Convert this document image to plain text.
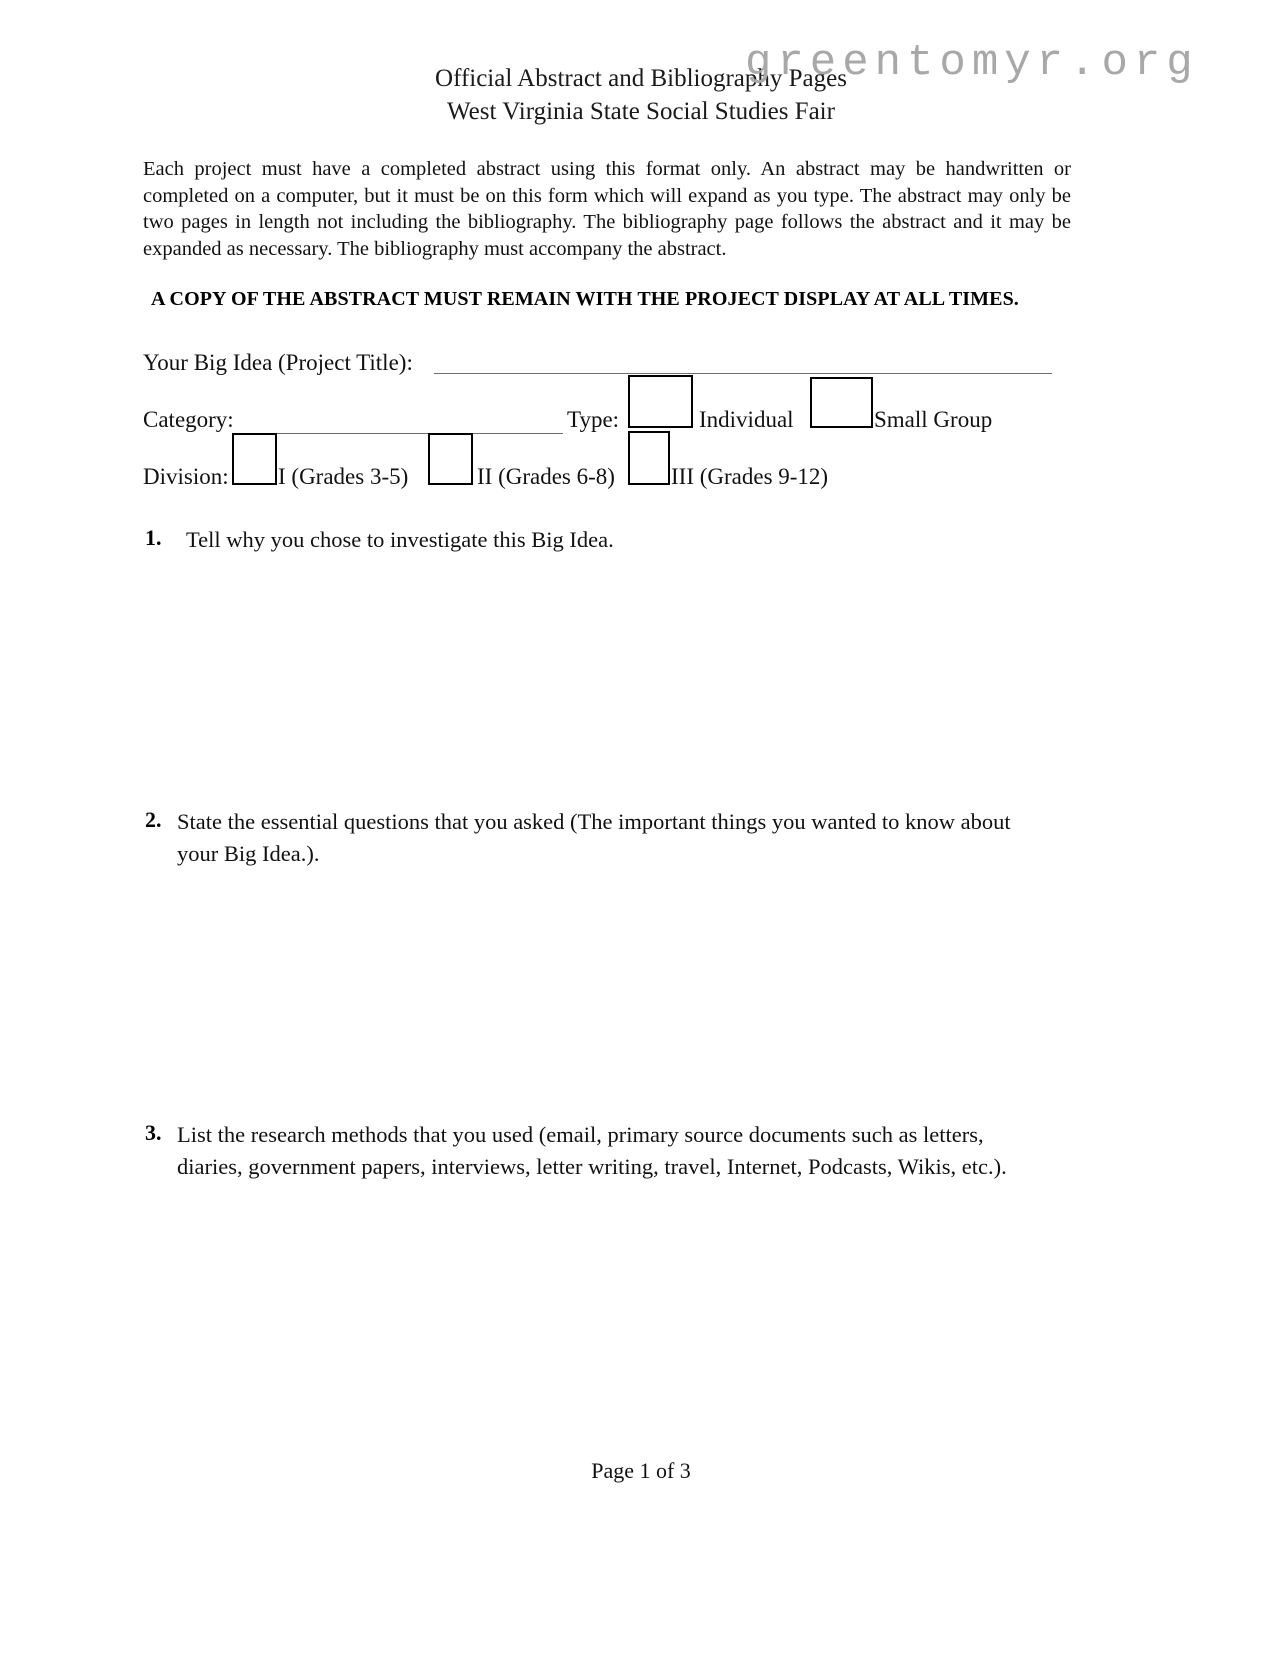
greentomyr.org
Official Abstract and Bibliography Pages
West Virginia State Social Studies Fair
Each project must have a completed abstract using this format only. An abstract may be handwritten or completed on a computer, but it must be on this form which will expand as you type. The abstract may only be two pages in length not including the bibliography. The bibliography page follows the abstract and it may be expanded as necessary. The bibliography must accompany the abstract.
A COPY OF THE ABSTRACT MUST REMAIN WITH THE PROJECT DISPLAY AT ALL TIMES.
Your Big Idea (Project Title):
Category:	Type:	Individual	Small Group
Division: I (Grades 3-5)	II (Grades 6-8) III (Grades 9-12)
1. Tell why you chose to investigate this Big Idea.
2. State the essential questions that you asked (The important things you wanted to know about
your Big Idea.).
3. List the research methods that you used (email, primary source documents such as letters,
diaries, government papers, interviews, letter writing, travel, Internet, Podcasts, Wikis, etc.).
Page 1 of 3
